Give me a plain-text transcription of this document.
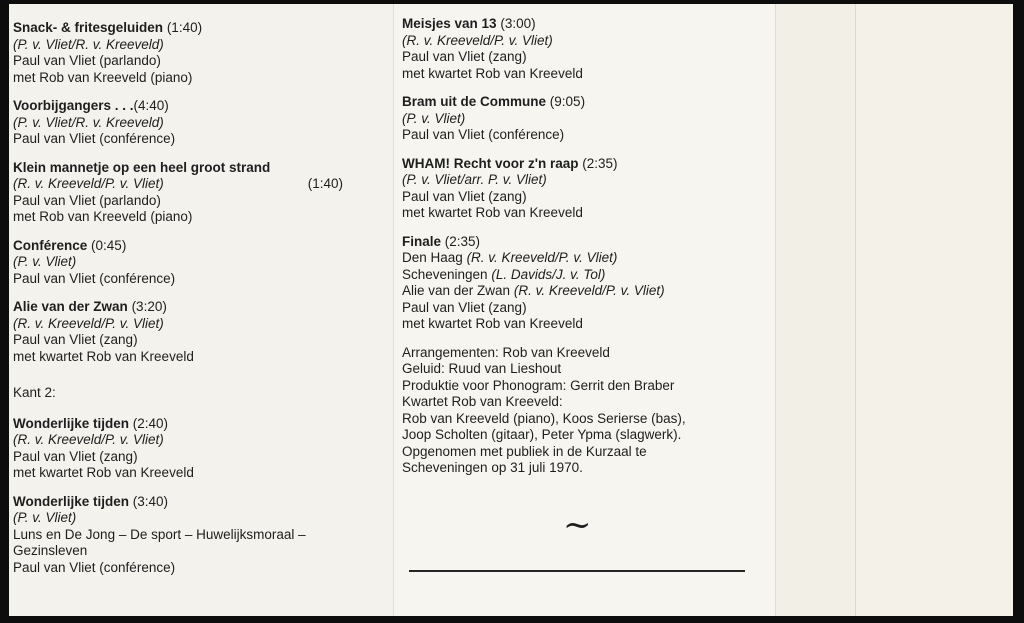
Snack- & fritesgeluiden (1:40)
(P. v. Vliet/R. v. Kreeveld)
Paul van Vliet (parlando)
met Rob van Kreeveld (piano)
Voorbijgangers . . .(4:40)
(P. v. Vliet/R. v. Kreeveld)
Paul van Vliet (conférence)
Klein mannetje op een heel groot strand
(R. v. Kreeveld/P. v. Vliet)	(1:40)
Paul van Vliet (parlando)
met Rob van Kreeveld (piano)
Conférence (0:45)
(P. v. Vliet)
Paul van Vliet (conférence)
Alie van der Zwan (3:20)
(R. v. Kreeveld/P. v. Vliet)
Paul van Vliet (zang)
met kwartet Rob van Kreeveld
Kant 2:
Wonderlijke tijden (2:40)
(R. v. Kreeveld/P. v. Vliet)
Paul van Vliet (zang)
met kwartet Rob van Kreeveld
Wonderlijke tijden (3:40)
(P. v. Vliet)
Luns en De Jong – De sport – Huwelijksmoraal –
Gezinsleven
Paul van Vliet (conférence)
Meisjes van 13 (3:00)
(R. v. Kreeveld/P. v. Vliet)
Paul van Vliet (zang)
met kwartet Rob van Kreeveld
Bram uit de Commune (9:05)
(P. v. Vliet)
Paul van Vliet (conférence)
WHAM! Recht voor z'n raap (2:35)
(P. v. Vliet/arr. P. v. Vliet)
Paul van Vliet (zang)
met kwartet Rob van Kreeveld
Finale (2:35)
Den Haag (R. v. Kreeveld/P. v. Vliet)
Scheveningen (L. Davids/J. v. Tol)
Alie van der Zwan (R. v. Kreeveld/P. v. Vliet)
Paul van Vliet (zang)
met kwartet Rob van Kreeveld
Arrangementen: Rob van Kreeveld
Geluid: Ruud van Lieshout
Produktie voor Phonogram: Gerrit den Braber
Kwartet Rob van Kreeveld:
Rob van Kreeveld (piano), Koos Serierse (bas),
Joop Scholten (gitaar), Peter Ypma (slagwerk).
Opgenomen met publiek in de Kurzaal te
Scheveningen op 31 juli 1970.
~
